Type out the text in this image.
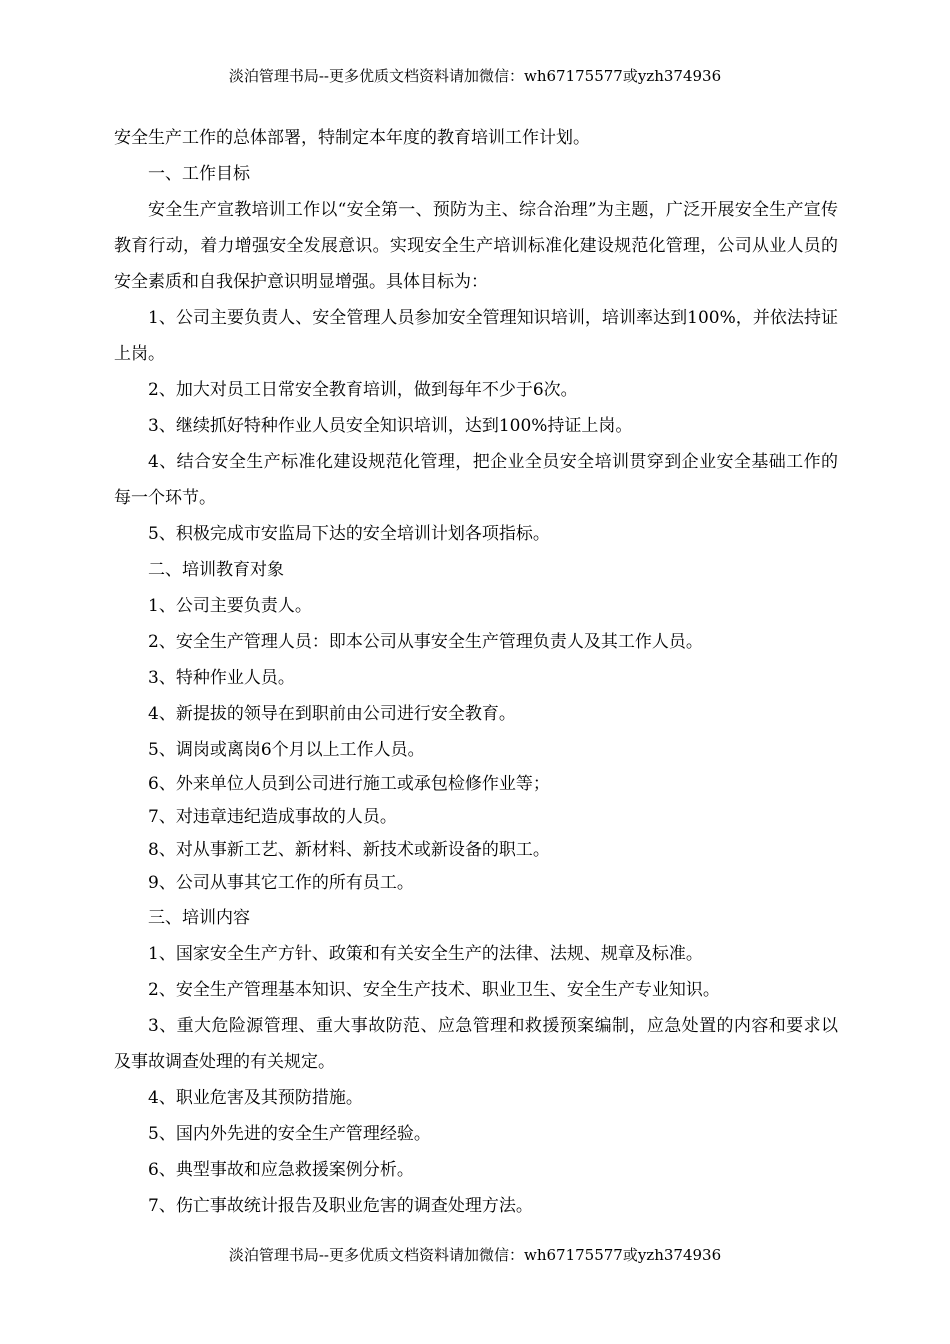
淡泊管理书局--更多优质文档资料请加微信：wh67175577或yzh374936

安全生产工作的总体部署，特制定本年度的教育培训工作计划。

一、工作目标

安全生产宣教培训工作以“安全第一、预防为主、综合治理”为主题，广泛开展安全生产宣传教育行动，着力增强安全发展意识。实现安全生产培训标准化建设规范化管理，公司从业人员的安全素质和自我保护意识明显增强。具体目标为：

1、公司主要负责人、安全管理人员参加安全管理知识培训，培训率达到100%，并依法持证上岗。

2、加大对员工日常安全教育培训，做到每年不少于6次。

3、继续抓好特种作业人员安全知识培训，达到100%持证上岗。

4、结合安全生产标准化建设规范化管理，把企业全员安全培训贯穿到企业安全基础工作的每一个环节。

5、积极完成市安监局下达的安全培训计划各项指标。

二、培训教育对象

1、公司主要负责人。

2、安全生产管理人员：即本公司从事安全生产管理负责人及其工作人员。

3、特种作业人员。

4、新提拔的领导在到职前由公司进行安全教育。

5、调岗或离岗6个月以上工作人员。

6、外来单位人员到公司进行施工或承包检修作业等；

7、对违章违纪造成事故的人员。

8、对从事新工艺、新材料、新技术或新设备的职工。

9、公司从事其它工作的所有员工。

三、培训内容

1、国家安全生产方针、政策和有关安全生产的法律、法规、规章及标准。

2、安全生产管理基本知识、安全生产技术、职业卫生、安全生产专业知识。

3、重大危险源管理、重大事故防范、应急管理和救援预案编制，应急处置的内容和要求以及事故调查处理的有关规定。

4、职业危害及其预防措施。

5、国内外先进的安全生产管理经验。

6、典型事故和应急救援案例分析。

7、伤亡事故统计报告及职业危害的调查处理方法。

淡泊管理书局--更多优质文档资料请加微信：wh67175577或yzh374936
